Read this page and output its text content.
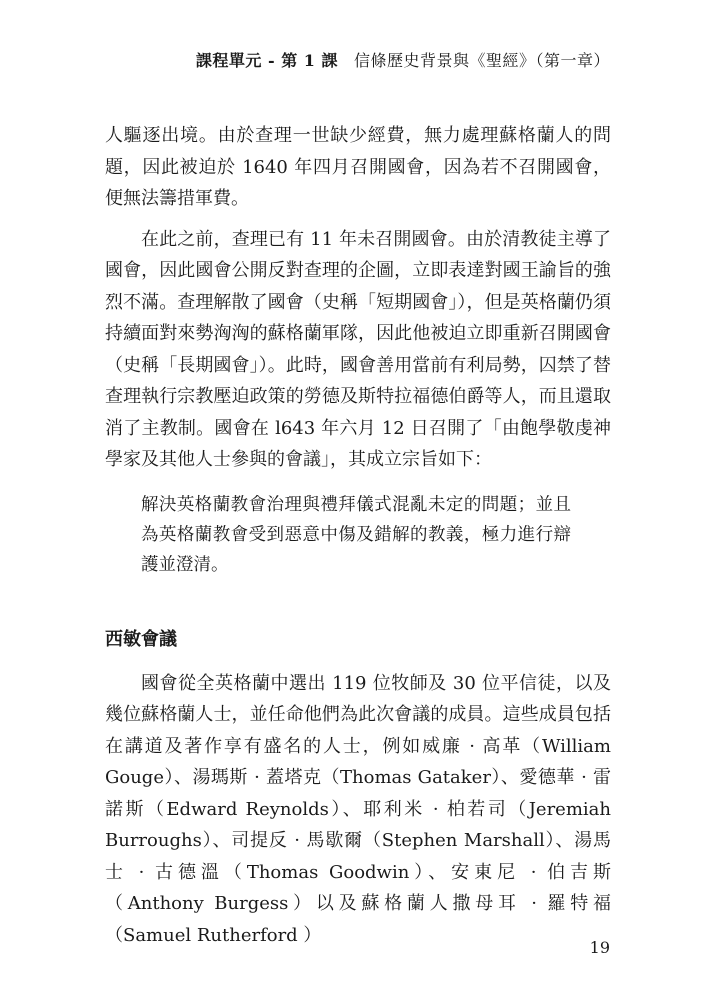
課程單元 - 第 1 課 信條歷史背景與《聖經》（第一章）

人驅逐出境。由於查理一世缺少經費，無力處理蘇格蘭人的問題，因此被迫於 1640 年四月召開國會，因為若不召開國會，便無法籌措軍費。

在此之前，查理已有 11 年未召開國會。由於清教徒主導了國會，因此國會公開反對查理的企圖，立即表達對國王諭旨的強烈不滿。查理解散了國會（史稱「短期國會」），但是英格蘭仍須持續面對來勢洶洶的蘇格蘭軍隊，因此他被迫立即重新召開國會（史稱「長期國會」）。此時，國會善用當前有利局勢，囚禁了替查理執行宗教壓迫政策的勞德及斯特拉福德伯爵等人，而且還取消了主教制。國會在 l643 年六月 12 日召開了「由飽學敬虔神學家及其他人士參與的會議」，其成立宗旨如下：

解決英格蘭教會治理與禮拜儀式混亂未定的問題；並且為英格蘭教會受到惡意中傷及錯解的教義，極力進行辯護並澄清。

西敏會議

國會從全英格蘭中選出 119 位牧師及 30 位平信徒，以及幾位蘇格蘭人士，並任命他們為此次會議的成員。這些成員包括在講道及著作享有盛名的人士，例如威廉 · 高革（William Gouge）、湯瑪斯 · 蓋塔克（Thomas Gataker）、愛德華 · 雷諾斯（Edward Reynolds）、耶利米 · 柏若司（Jeremiah Burroughs）、司提反 · 馬歇爾（Stephen Marshall）、湯馬士 · 古德溫（Thomas Goodwin）、安東尼 · 伯吉斯（Anthony Burgess）以及蘇格蘭人撒母耳 · 羅特福（Samuel Rutherford ）

19
